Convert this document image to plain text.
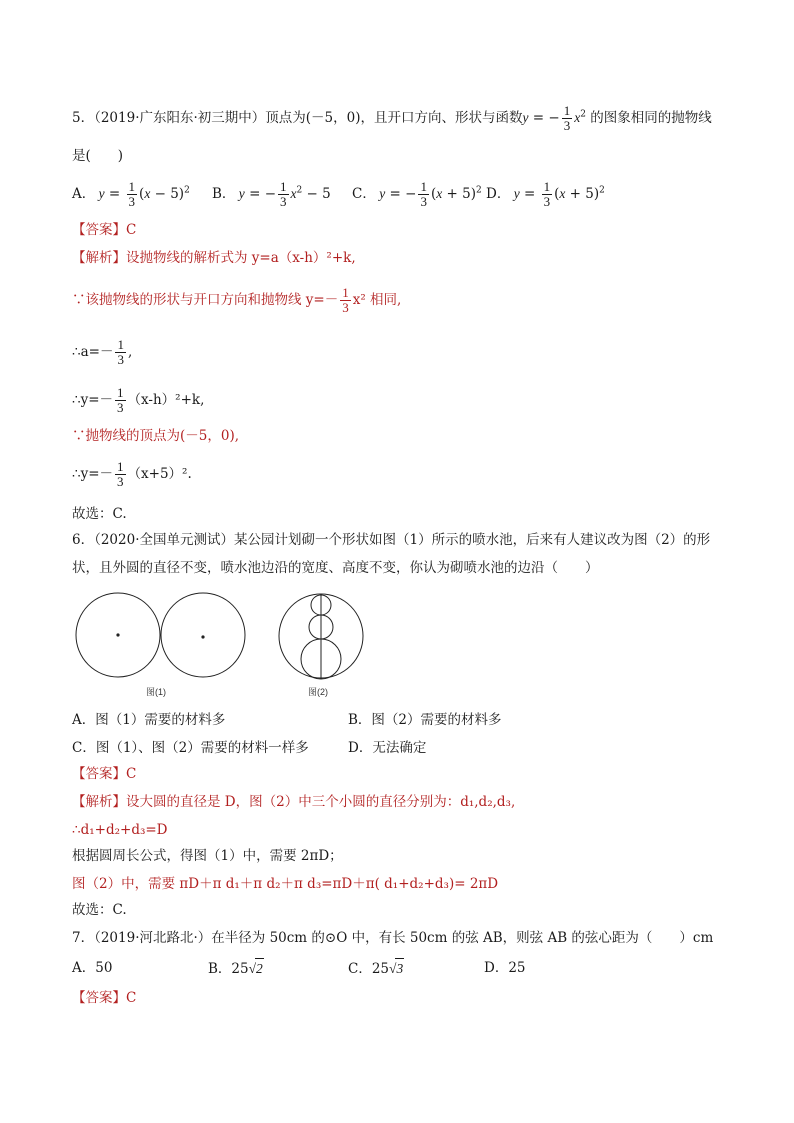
5．（2019·广东阳东·初三期中）顶点为(－5，0)，且开口方向、形状与函数y = − $\frac{1}{3} x^2$ 的图象相同的抛物线
是(　　)
A． $y = \frac{1}{3} (x - 5)^2$ B． y = − $\frac{1}{3} x^2 - 5$ C． y = − $\frac{1}{3} (x + 5)^2$ D． $y = \frac{1}{3} (x + 5)^2$
【答案】C
【解析】设抛物线的解析式为 y=a（x-h）²+k,
∵该抛物线的形状与开口方向和抛物线 $y=- \frac{1}{3} x^2$ 相同,
∴a=－ $\frac{1}{3}$ ,
∴y=－ $\frac{1}{3} (x-h)^2+k$,
∵抛物线的顶点为(－5，0),
∴y=－ $\frac{1}{3} (x+5)^2$.
故选：C.
6．（2020·全国单元测试）某公园计划砌一个形状如图（1）所示的喷水池，后来有人建议改为图（2）的形
状，且外圆的直径不变，喷水池边沿的宽度、高度不变，你认为砌喷水池的边沿（　　）
图(1)	图(2)
A．图（1）需要的材料多	B．图（2）需要的材料多
C．图（1）、图（2）需要的材料一样多	D．无法确定
【答案】C
【解析】设大圆的直径是 D，图（2）中三个小圆的直径分别为：d₁,d₂,d₃,
∴d₁+d₂+d₃=D
根据圆周长公式，得图（1）中，需要 2πD；
图（2）中，需要 πD＋π d₁＋π d₂＋π d₃=πD＋π( d₁+d₂+d₃)= 2πD
故选：C.
7．（2019·河北路北·）在半径为 50cm 的⊙O 中，有长 50cm 的弦 AB，则弦 AB 的弦心距为（　　）cm
A．50	B．25√2	C．25√3	D．25
【答案】C
